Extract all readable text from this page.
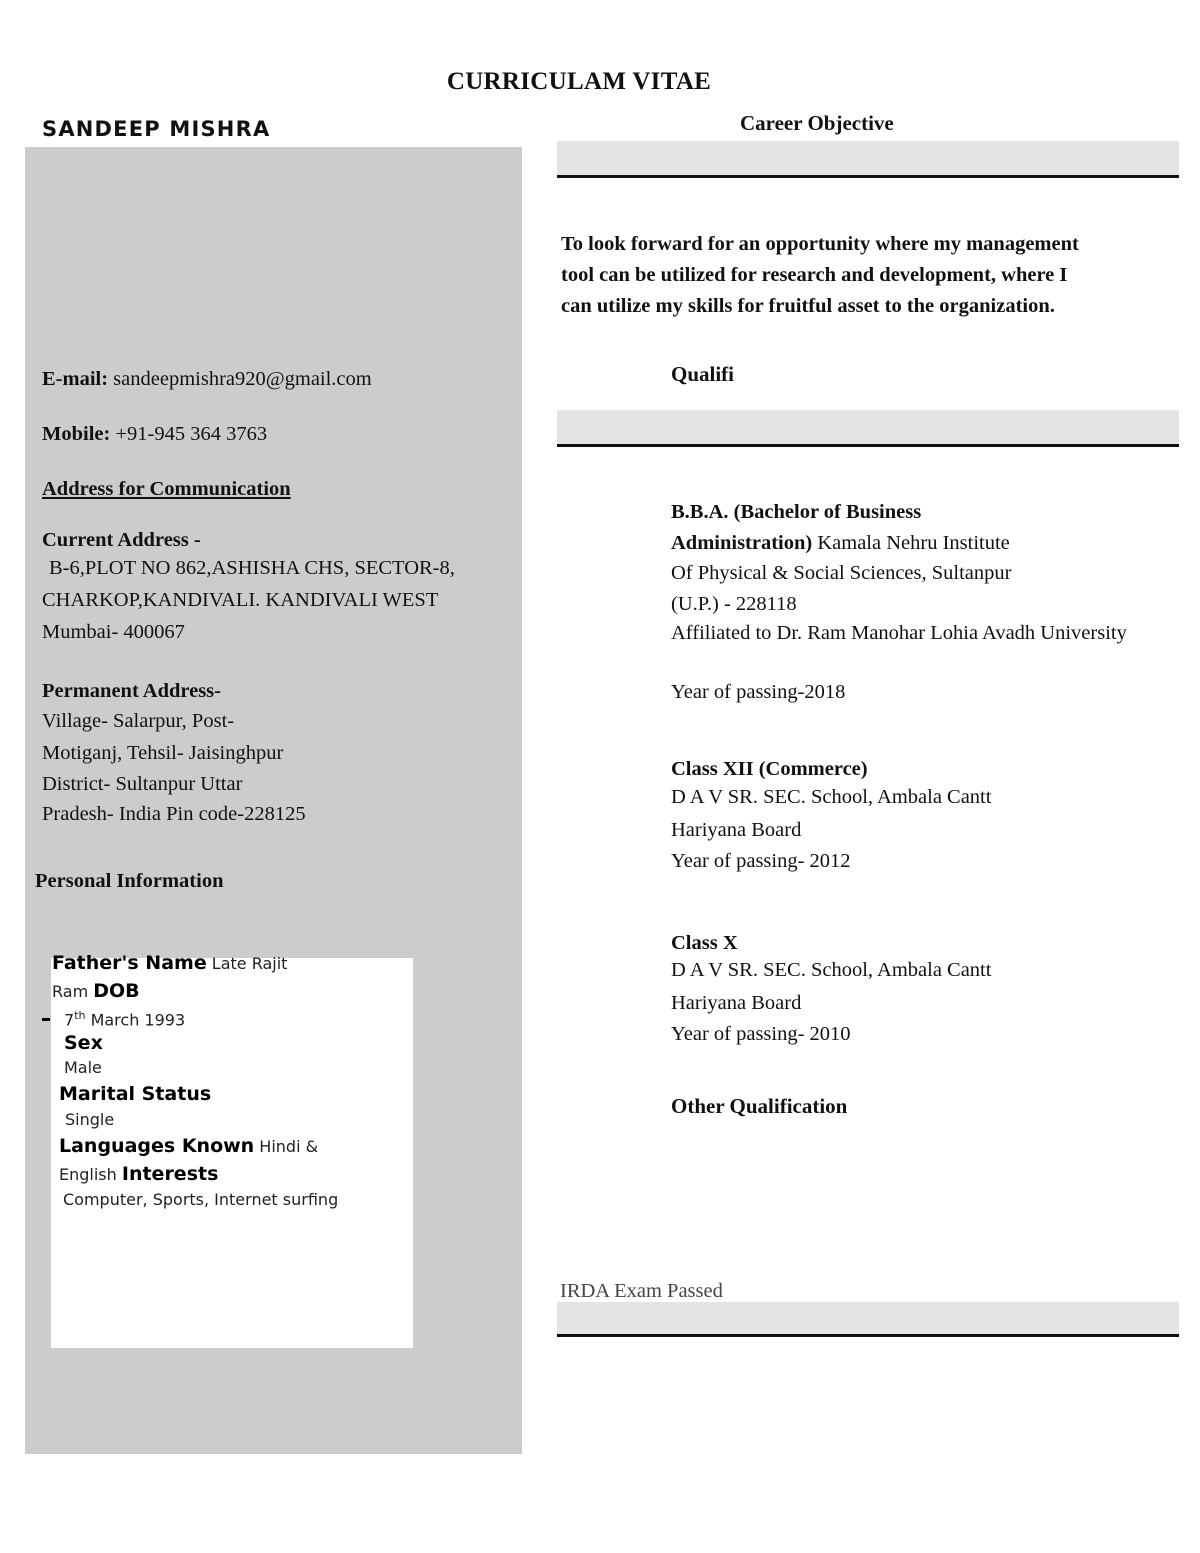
CURRICULAM VITAE
SANDEEP MISHRA
E-mail: sandeepmishra920@gmail.com
Mobile: +91-945 364 3763
Address for Communication
Current Address -
B-6,PLOT NO 862,ASHISHA CHS, SECTOR-8,
CHARKOP,KANDIVALI. KANDIVALI WEST
Mumbai- 400067
Permanent Address-
Village- Salarpur, Post-
Motiganj, Tehsil- Jaisinghpur
District- Sultanpur Uttar
Pradesh- India Pin code-228125
Personal Information
Father's Name Late Rajit
Ram DOB
7th March 1993
Sex
Male
Marital Status
Single
Languages Known Hindi &
English Interests
Computer, Sports, Internet surfing
Career Objective
To look forward for an opportunity where my management
tool can be utilized for research and development, where I
can utilize my skills for fruitful asset to the organization.
Qualifi
B.B.A. (Bachelor of Business
Administration) Kamala Nehru Institute
Of Physical & Social Sciences, Sultanpur
(U.P.) - 228118
Affiliated to Dr. Ram Manohar Lohia Avadh University
Year of passing-2018
Class XII (Commerce)
D A V SR. SEC. School, Ambala Cantt
Hariyana Board
Year of passing- 2012
Class X
D A V SR. SEC. School, Ambala Cantt
Hariyana Board
Year of passing- 2010
Other Qualification
IRDA Exam Passed
